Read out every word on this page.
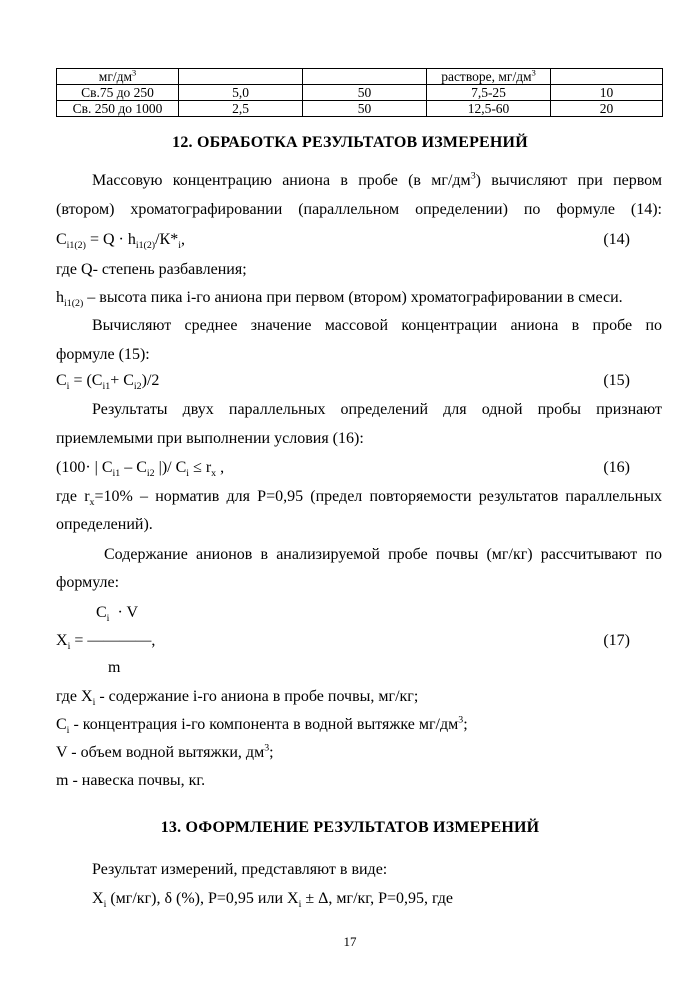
$мг/дм^3$			растворе, $мг/дм^3$	
Св.75 до 250	5,0	50	7,5-25	10
Св. 250 до 1000	2,5	50	12,5-60	20
12. ОБРАБОТКА РЕЗУЛЬТАТОВ ИЗМЕРЕНИЙ
Массовую концентрацию аниона в пробе (в $мг/дм^3$) вычисляют при первом
(втором) хроматографировании (параллельном определении) по формуле (14):
$C_{i1(2)} = Q \cdot h_{i1(2)}/К*_i$,	(14)
где Q- степень разбавления;
$h_{i1(2)}$ – высота пика i-го аниона при первом (втором) хроматографировании в смеси.
Вычисляют среднее значение массовой концентрации аниона в пробе по
формуле (15):
$C_i = (C_{i1}+ C_{i2})/2$	(15)
Результаты двух параллельных определений для одной пробы признают
приемлемыми при выполнении условия (16):
(100· | $C_{i1} - C_{i2}$ |)/ $C_i \le r_x$ ,	(16)
где $r_x=10\%$ – норматив для P=0,95 (предел повторяемости результатов параллельных
определений).
Содержание анионов в анализируемой пробе почвы (мг/кг) рассчитывают по
формуле:
$C_i \cdot V$
$X_i$ = ————,	(17)
m
где $X_i$ - содержание i-го аниона в пробе почвы, мг/кг;
$C_i$ - концентрация i-го компонента в водной вытяжке $мг/дм^3$;
V - объем водной вытяжки, $дм^3$;
m - навеска почвы, кг.
13. ОФОРМЛЕНИЕ РЕЗУЛЬТАТОВ ИЗМЕРЕНИЙ
Результат измерений, представляют в виде:
$X_i$ (мг/кг), δ (%), P=0,95 или $X_i \pm \Delta$, мг/кг, P=0,95, где
17
